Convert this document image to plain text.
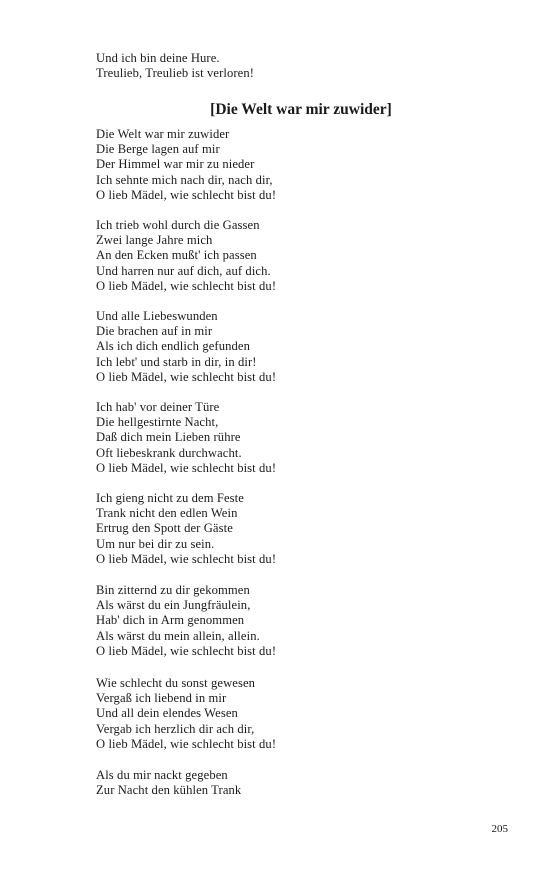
Und ich bin deine Hure.
Treulieb, Treulieb ist verloren!
[Die Welt war mir zuwider]
Die Welt war mir zuwider
Die Berge lagen auf mir
Der Himmel war mir zu nieder
Ich sehnte mich nach dir, nach dir,
O lieb Mädel, wie schlecht bist du!
Ich trieb wohl durch die Gassen
Zwei lange Jahre mich
An den Ecken mußt' ich passen
Und harren nur auf dich, auf dich.
O lieb Mädel, wie schlecht bist du!
Und alle Liebeswunden
Die brachen auf in mir
Als ich dich endlich gefunden
Ich lebt' und starb in dir, in dir!
O lieb Mädel, wie schlecht bist du!
Ich hab' vor deiner Türe
Die hellgestirnte Nacht,
Daß dich mein Lieben rühre
Oft liebeskrank durchwacht.
O lieb Mädel, wie schlecht bist du!
Ich gieng nicht zu dem Feste
Trank nicht den edlen Wein
Ertrug den Spott der Gäste
Um nur bei dir zu sein.
O lieb Mädel, wie schlecht bist du!
Bin zitternd zu dir gekommen
Als wärst du ein Jungfräulein,
Hab' dich in Arm genommen
Als wärst du mein allein, allein.
O lieb Mädel, wie schlecht bist du!
Wie schlecht du sonst gewesen
Vergaß ich liebend in mir
Und all dein elendes Wesen
Vergab ich herzlich dir ach dir,
O lieb Mädel, wie schlecht bist du!
Als du mir nackt gegeben
Zur Nacht den kühlen Trank
205
